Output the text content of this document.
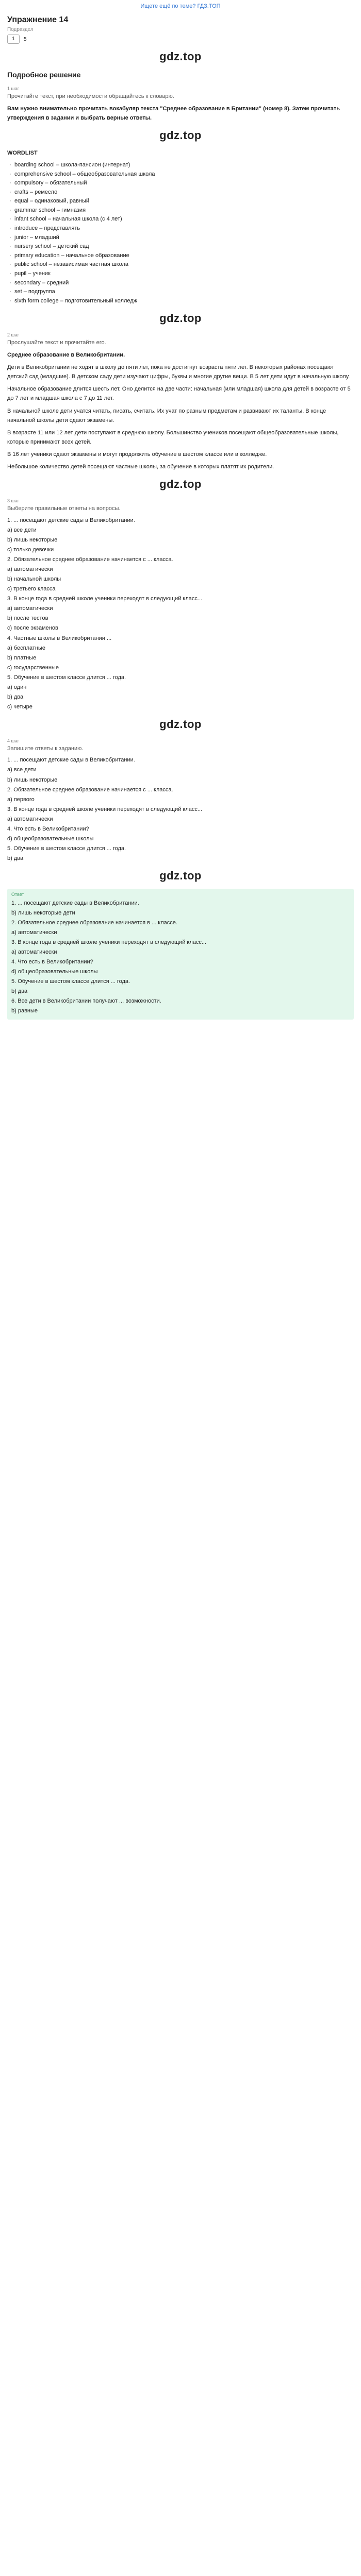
Ищете ещё по теме? ГДЗ.ТОП
Упражнение 14
Подраздел
1	5
gdz.top
Подробное решение
1 шаг
Прочитайте текст, при необходимости обращайтесь к словарю.
Вам нужно внимательно прочитать вокабуляр текста "Среднее образование в Британии" (номер 8). Затем прочитать утверждения в задании и выбрать верные ответы.
gdz.top
WORDLIST
· boarding school – школа-пансион (интернат)
· comprehensive school – общеобразовательная школа
· compulsory – обязательный
· crafts – ремесло
· equal – одинаковый, равный
· grammar school – гимназия
· infant school – начальная школа (с 4 лет)
· introduce – представлять
· junior – младший
· nursery school – детский сад
· primary education – начальное образование
· public school – независимая частная школа
· pupil – ученик
· secondary – средний
· set – подгруппа
· sixth form college – подготовительный колледж
gdz.top
2 шаг
Прослушайте текст и прочитайте его.
Среднее образование в Великобритании.
Дети в Великобритании не ходят в школу до пяти лет, пока не достигнут возраста пяти лет. В некоторых районах посещают детский сад (младшие). В детском саду дети изучают цифры, буквы и многие другие вещи. В 5 лет дети идут в начальную школу.
Начальное образование длится шесть лет. Оно делится на две части: начальная (или младшая) школа для детей в возрасте от 5 до 7 лет и младшая школа с 7 до 11 лет.
В начальной школе дети учатся читать, писать, считать. Их учат по разным предметам и развивают их таланты. В конце начальной школы дети сдают экзамены.
В возрасте 11 или 12 лет дети поступают в среднюю школу. Большинство учеников посещают общеобразовательные школы, которые принимают всех детей.
В 16 лет ученики сдают экзамены и могут продолжить обучение в шестом классе или в колледже.
Небольшое количество детей посещают частные школы, за обучение в которых платят их родители.
gdz.top
3 шаг
Выберите правильные ответы на вопросы.
1. ... посещают детские сады в Великобритании.
а) все дети
b) лишь некоторые
с) только девочки
2. Обязательное среднее образование начинается с ... класса.
а) автоматически
b) начальной школы
с) третьего класса
3. В конце года в средней школе ученики переходят в следующий класс...
а) автоматически
b) после тестов
с) после экзаменов
4. Частные школы в Великобритании ...
а) бесплатные
b) платные
с) государственные
5. Обучение в шестом классе длится ... года.
а) один
b) два
с) четыре
gdz.top
4 шаг
Запишите ответы к заданию.
1. ... посещают детские сады в Великобритании.
а) все дети
b) лишь некоторые
2. Обязательное среднее образование начинается с ... класса.
а) первого
3. В конце года в средней школе ученики переходят в следующий класс...
а) автоматически
4. Что есть в Великобритании?
d) общеобразовательные школы
5. Обучение в шестом классе длится ... года.
b) два
gdz.top
Ответ
1. ... посещают детские сады в Великобритании.
b) лишь некоторые дети
2. Обязательное среднее образование начинается в ... классе.
а) автоматически
3. В конце года в средней школе ученики переходят в следующий класс...
а) автоматически
4. Что есть в Великобритании?
d) общеобразовательные школы
5. Обучение в шестом классе длится ... года.
b) два
6. Все дети в Великобритании получают ... возможности.
b) равные
